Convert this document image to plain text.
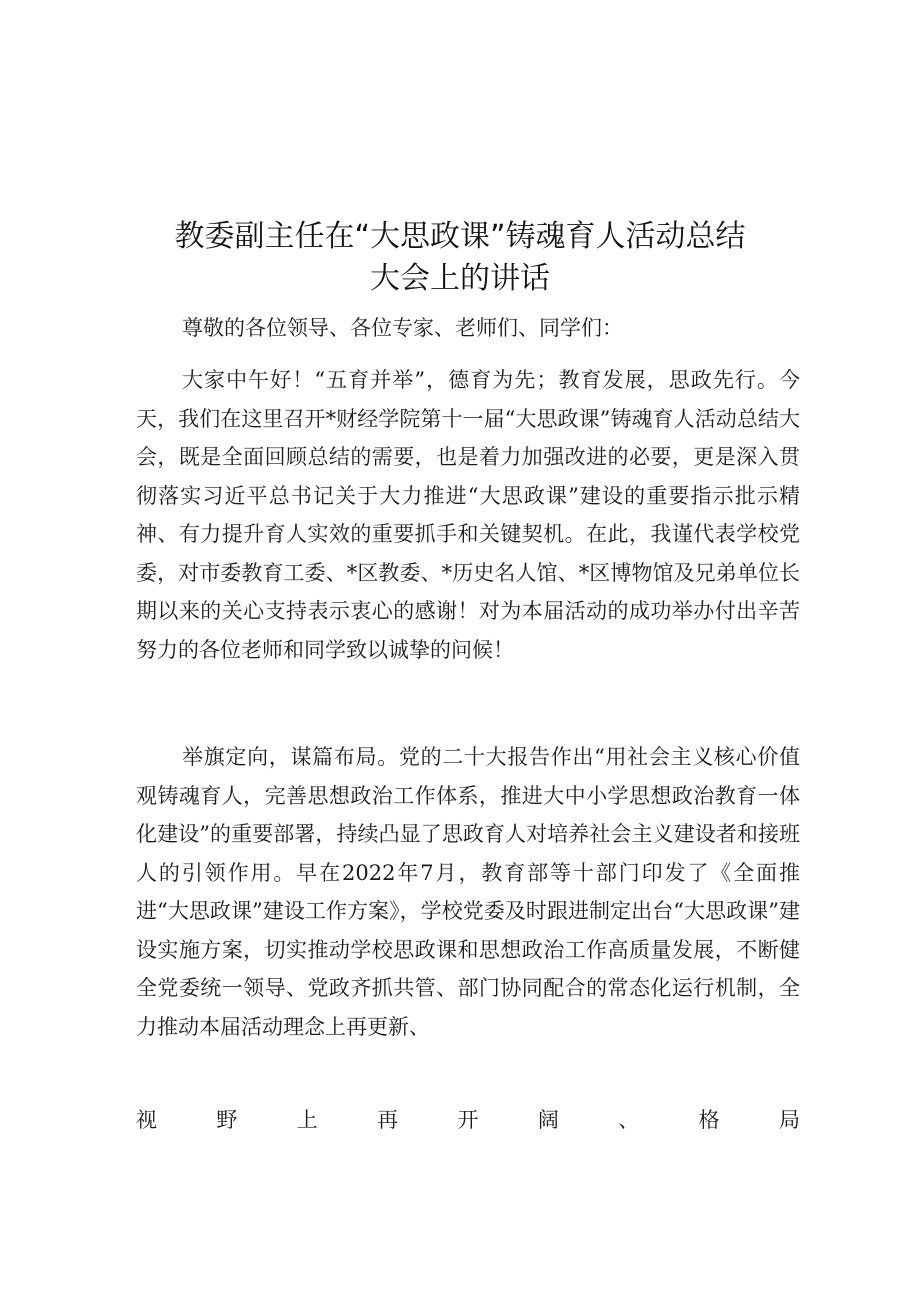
教委副主任在“大思政课”铸魂育人活动总结
大会上的讲话
尊敬的各位领导、各位专家、老师们、同学们：

大家中午好！“五育并举”，德育为先；教育发展，思政先行。今天，我们在这里召开*财经学院第十一届“大思政课”铸魂育人活动总结大会，既是全面回顾总结的需要，也是着力加强改进的必要，更是深入贯彻落实习近平总书记关于大力推进“大思政课”建设的重要指示批示精神、有力提升育人实效的重要抓手和关键契机。在此，我谨代表学校党委，对市委教育工委、*区教委、*历史名人馆、*区博物馆及兄弟单位长期以来的关心支持表示衷心的感谢！对为本届活动的成功举办付出辛苦努力的各位老师和同学致以诚挚的问候！

举旗定向，谋篇布局。党的二十大报告作出“用社会主义核心价值观铸魂育人，完善思想政治工作体系，推进大中小学思想政治教育一体化建设”的重要部署，持续凸显了思政育人对培养社会主义建设者和接班人的引领作用。早在2022年7月，教育部等十部门印发了《全面推进“大思政课”建设工作方案》，学校党委及时跟进制定出台“大思政课”建设实施方案，切实推动学校思政课和思想政治工作高质量发展，不断健全党委统一领导、党政齐抓共管、部门协同配合的常态化运行机制，全力推动本届活动理念上再更新、

视	野	上	再	开	阔	、	格	局
